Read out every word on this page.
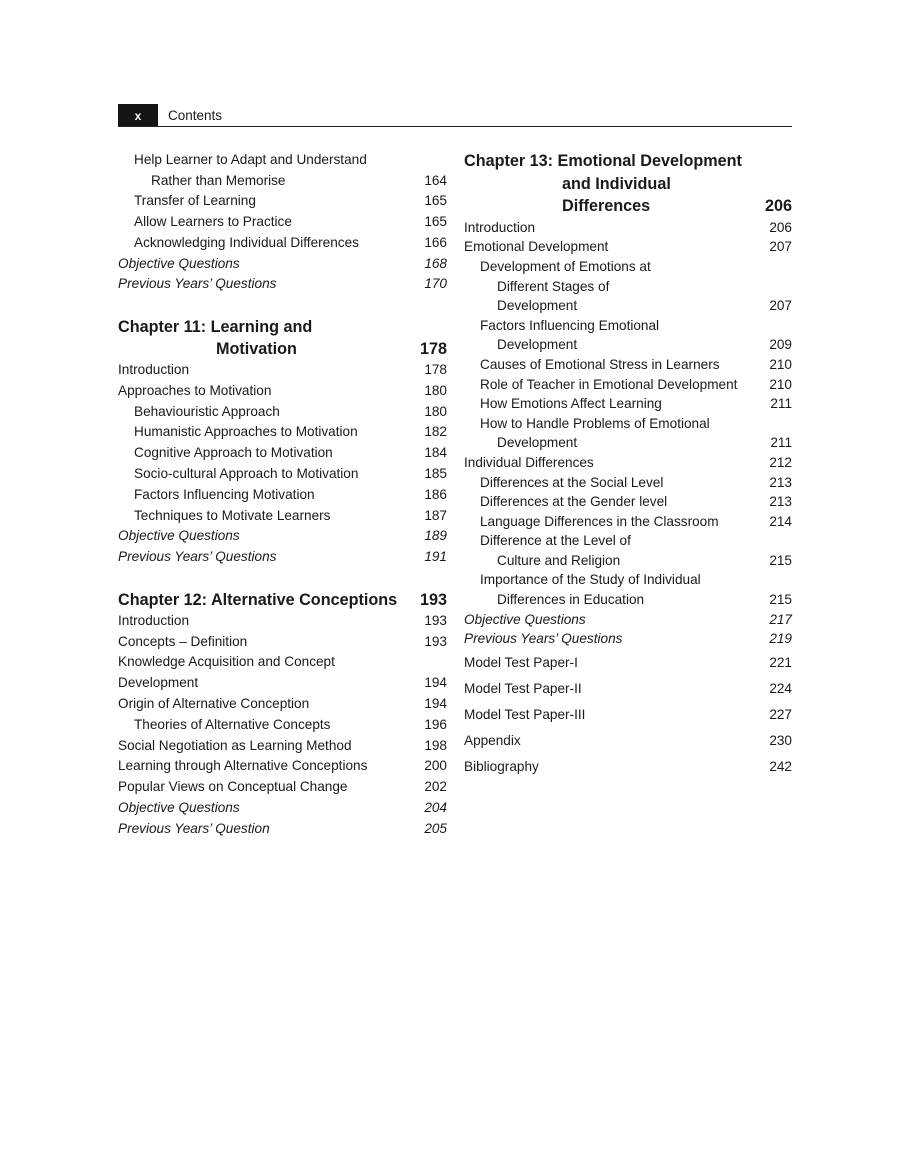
x	Contents
Help Learner to Adapt and Understand
Rather than Memorise	164
Transfer of Learning	165
Allow Learners to Practice	165
Acknowledging Individual Differences	166
Objective Questions	168
Previous Years’ Questions	170
Chapter 11: Learning and
Motivation	178
Introduction	178
Approaches to Motivation	180
Behaviouristic Approach	180
Humanistic Approaches to Motivation	182
Cognitive Approach to Motivation	184
Socio-cultural Approach to Motivation	185
Factors Influencing Motivation	186
Techniques to Motivate Learners	187
Objective Questions	189
Previous Years’ Questions	191
Chapter 12: Alternative Conceptions	193
Introduction	193
Concepts – Definition	193
Knowledge Acquisition and Concept
Development	194
Origin of Alternative Conception	194
Theories of Alternative Concepts	196
Social Negotiation as Learning Method	198
Learning through Alternative Conceptions	200
Popular Views on Conceptual Change	202
Objective Questions	204
Previous Years’ Question	205
Chapter 13: Emotional Development
and Individual
Differences	206
Introduction	206
Emotional Development	207
Development of Emotions at
Different Stages of
Development	207
Factors Influencing Emotional
Development	209
Causes of Emotional Stress in Learners	210
Role of Teacher in Emotional Development	210
How Emotions Affect Learning	211
How to Handle Problems of Emotional
Development	211
Individual Differences	212
Differences at the Social Level	213
Differences at the Gender level	213
Language Differences in the Classroom	214
Difference at the Level of
Culture and Religion	215
Importance of the Study of Individual
Differences in Education	215
Objective Questions	217
Previous Years’ Questions	219
Model Test Paper-I	221
Model Test Paper-II	224
Model Test Paper-III	227
Appendix	230
Bibliography	242
